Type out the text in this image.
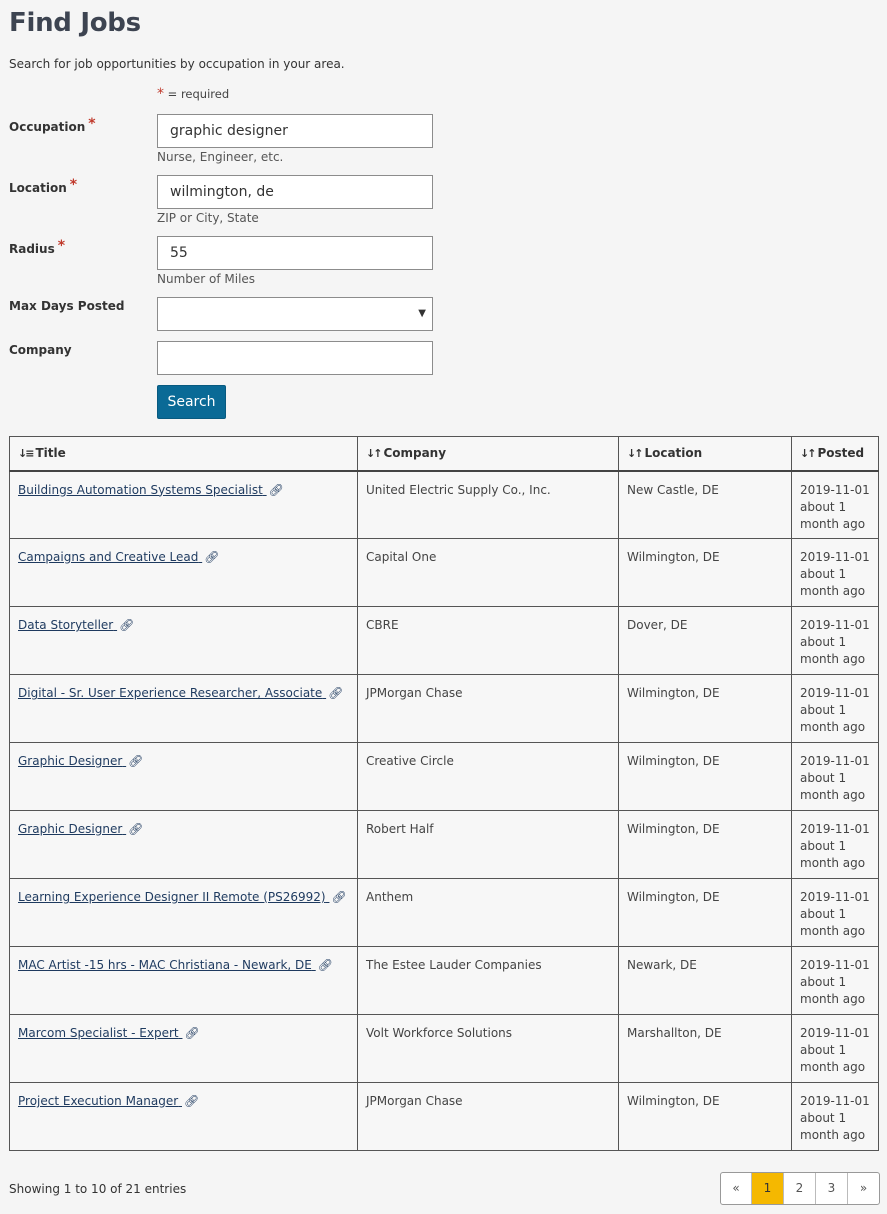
Find Jobs
Search for job opportunities by occupation in your area.
* = required
Occupation *	graphic designer
Nurse, Engineer, etc.
Location *	wilmington, de
ZIP or City, State
Radius *	55
Number of Miles
Max Days Posted
▼
Company
Search
↓≡ Title	↓↑ Company	↓↑ Location	↓↑ Posted
Buildings Automation Systems Specialist 🔗︎	United Electric Supply Co., Inc.	New Castle, DE	2019-11-01
about 1 month ago
Campaigns and Creative Lead 🔗︎	Capital One	Wilmington, DE	2019-11-01
about 1 month ago
Data Storyteller 🔗︎	CBRE	Dover, DE	2019-11-01
about 1 month ago
Digital - Sr. User Experience Researcher, Associate 🔗︎	JPMorgan Chase	Wilmington, DE	2019-11-01
about 1 month ago
Graphic Designer 🔗︎	Creative Circle	Wilmington, DE	2019-11-01
about 1 month ago
Graphic Designer 🔗︎	Robert Half	Wilmington, DE	2019-11-01
about 1 month ago
Learning Experience Designer II Remote (PS26992) 🔗︎	Anthem	Wilmington, DE	2019-11-01
about 1 month ago
MAC Artist -15 hrs - MAC Christiana - Newark, DE 🔗︎	The Estee Lauder Companies	Newark, DE	2019-11-01
about 1 month ago
Marcom Specialist - Expert 🔗︎	Volt Workforce Solutions	Marshallton, DE	2019-11-01
about 1 month ago
Project Execution Manager 🔗︎	JPMorgan Chase	Wilmington, DE	2019-11-01
about 1 month ago
Showing 1 to 10 of 21 entries	«	1	2	3	»
